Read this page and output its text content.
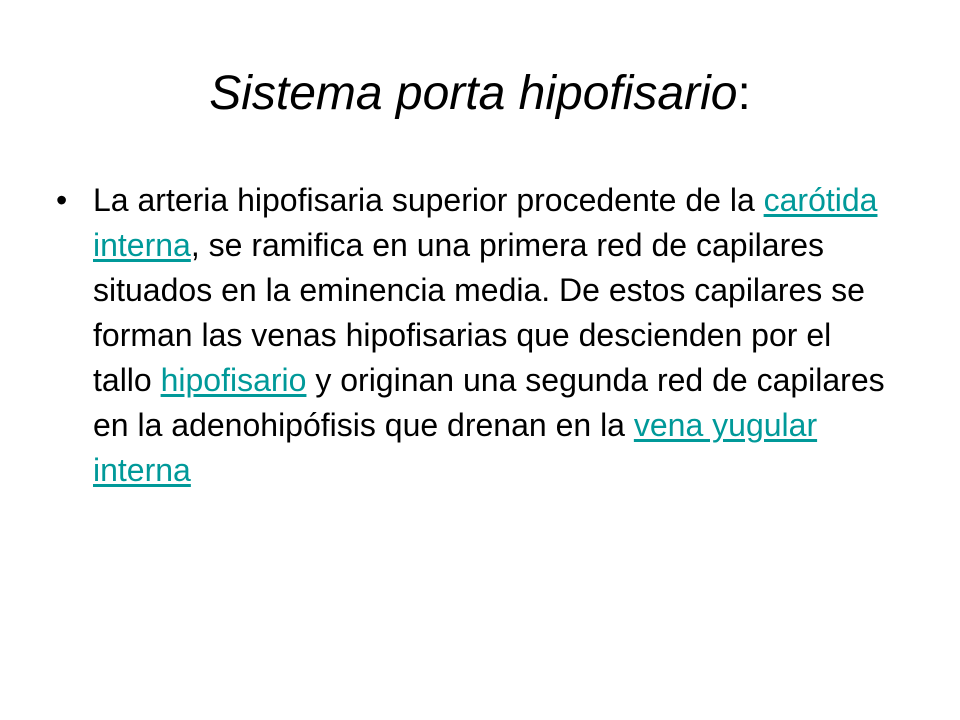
Sistema porta hipofisario:
• La arteria hipofisaria superior procedente de la carótida interna, se ramifica en una primera red de capilares situados en la eminencia media. De estos capilares se forman las venas hipofisarias que descienden por el tallo hipofisario y originan una segunda red de capilares en la adenohipófisis que drenan en la vena yugular interna
